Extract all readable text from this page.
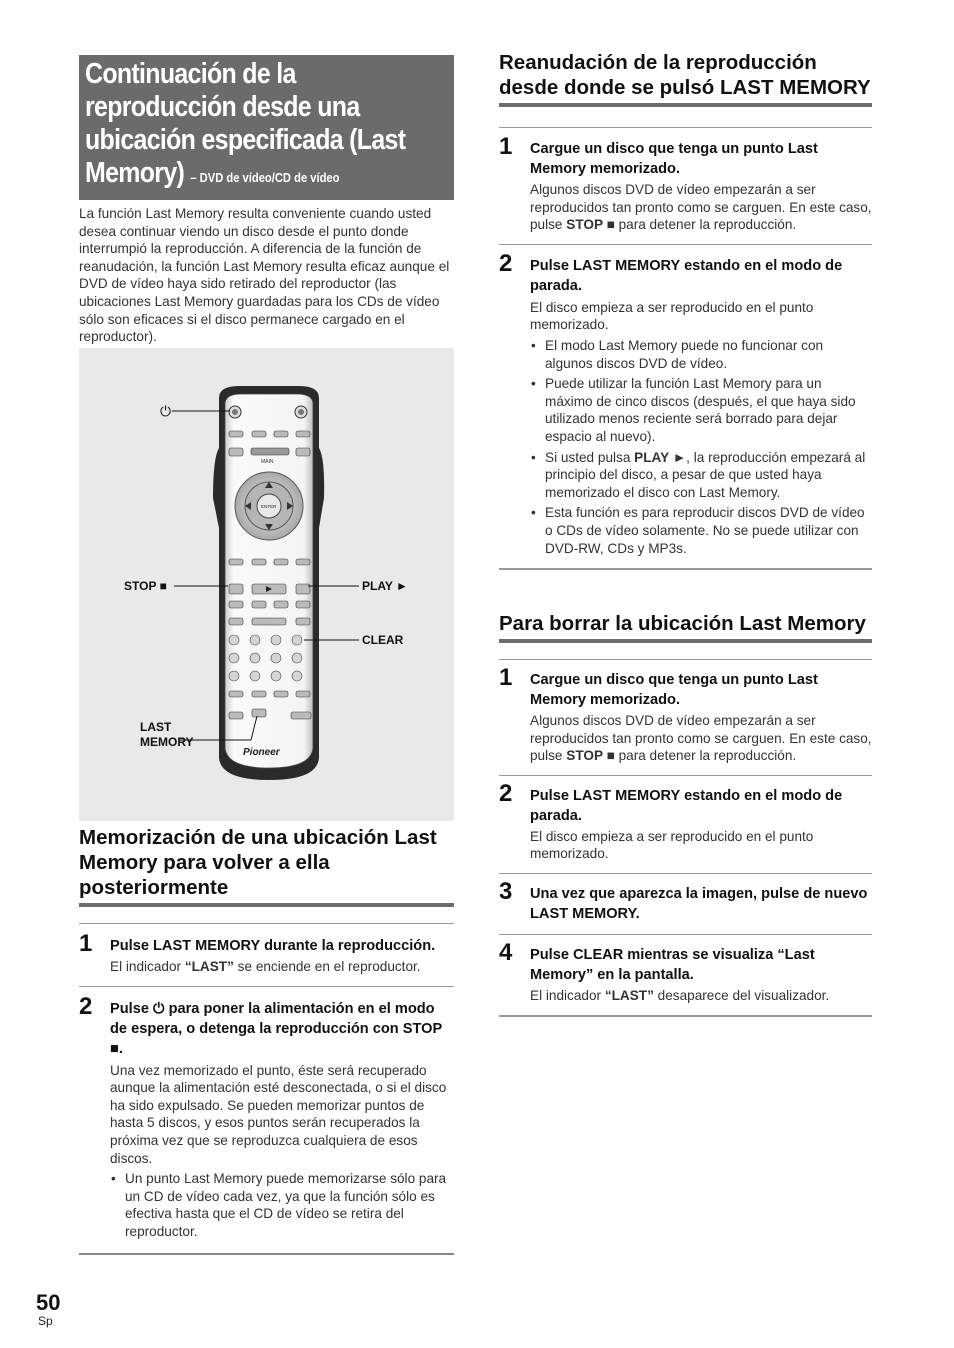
Continuación de la reproducción desde una ubicación especificada (Last Memory) – DVD de vídeo/CD de vídeo

La función Last Memory resulta conveniente cuando usted desea continuar viendo un disco desde el punto donde interrumpió la reproducción. A diferencia de la función de reanudación, la función Last Memory resulta eficaz aunque el DVD de vídeo haya sido retirado del reproductor (las ubicaciones Last Memory guardadas para los CDs de vídeo sólo son eficaces si el disco permanece cargado en el reproductor).

MAIN
ENTER
Pioneer
⏻
STOP ■	PLAY ►
CLEAR
LAST
MEMORY
Memorización de una ubicación Last Memory para volver a ella posteriormente
1 Pulse LAST MEMORY durante la reproducción.
El indicador “LAST” se enciende en el reproductor.
2 Pulse ⏻ para poner la alimentación en el modo de espera, o detenga la reproducción con STOP ■.
Una vez memorizado el punto, éste será recuperado aunque la alimentación esté desconectada, o si el disco ha sido expulsado. Se pueden memorizar puntos de hasta 5 discos, y esos puntos serán recuperados la próxima vez que se reproduzca cualquiera de esos discos.
• Un punto Last Memory puede memorizarse sólo para un CD de vídeo cada vez, ya que la función sólo es efectiva hasta que el CD de vídeo se retira del reproductor.
Reanudación de la reproducción desde donde se pulsó LAST MEMORY
1 Cargue un disco que tenga un punto Last Memory memorizado.
Algunos discos DVD de vídeo empezarán a ser reproducidos tan pronto como se carguen. En este caso, pulse STOP ■ para detener la reproducción.
2 Pulse LAST MEMORY estando en el modo de parada.
El disco empieza a ser reproducido en el punto memorizado.
• El modo Last Memory puede no funcionar con algunos discos DVD de vídeo.
• Puede utilizar la función Last Memory para un máximo de cinco discos (después, el que haya sido utilizado menos reciente será borrado para dejar espacio al nuevo).
• Si usted pulsa PLAY ►, la reproducción empezará al principio del disco, a pesar de que usted haya memorizado el disco con Last Memory.
• Esta función es para reproducir discos DVD de vídeo o CDs de vídeo solamente. No se puede utilizar con DVD-RW, CDs y MP3s.
Para borrar la ubicación Last Memory
1 Cargue un disco que tenga un punto Last Memory memorizado.
Algunos discos DVD de vídeo empezarán a ser reproducidos tan pronto como se carguen. En este caso, pulse STOP ■ para detener la reproducción.
2 Pulse LAST MEMORY estando en el modo de parada.
El disco empieza a ser reproducido en el punto memorizado.
3 Una vez que aparezca la imagen, pulse de nuevo LAST MEMORY.
4 Pulse CLEAR mientras se visualiza “Last Memory” en la pantalla.
El indicador “LAST” desaparece del visualizador.
50
Sp
